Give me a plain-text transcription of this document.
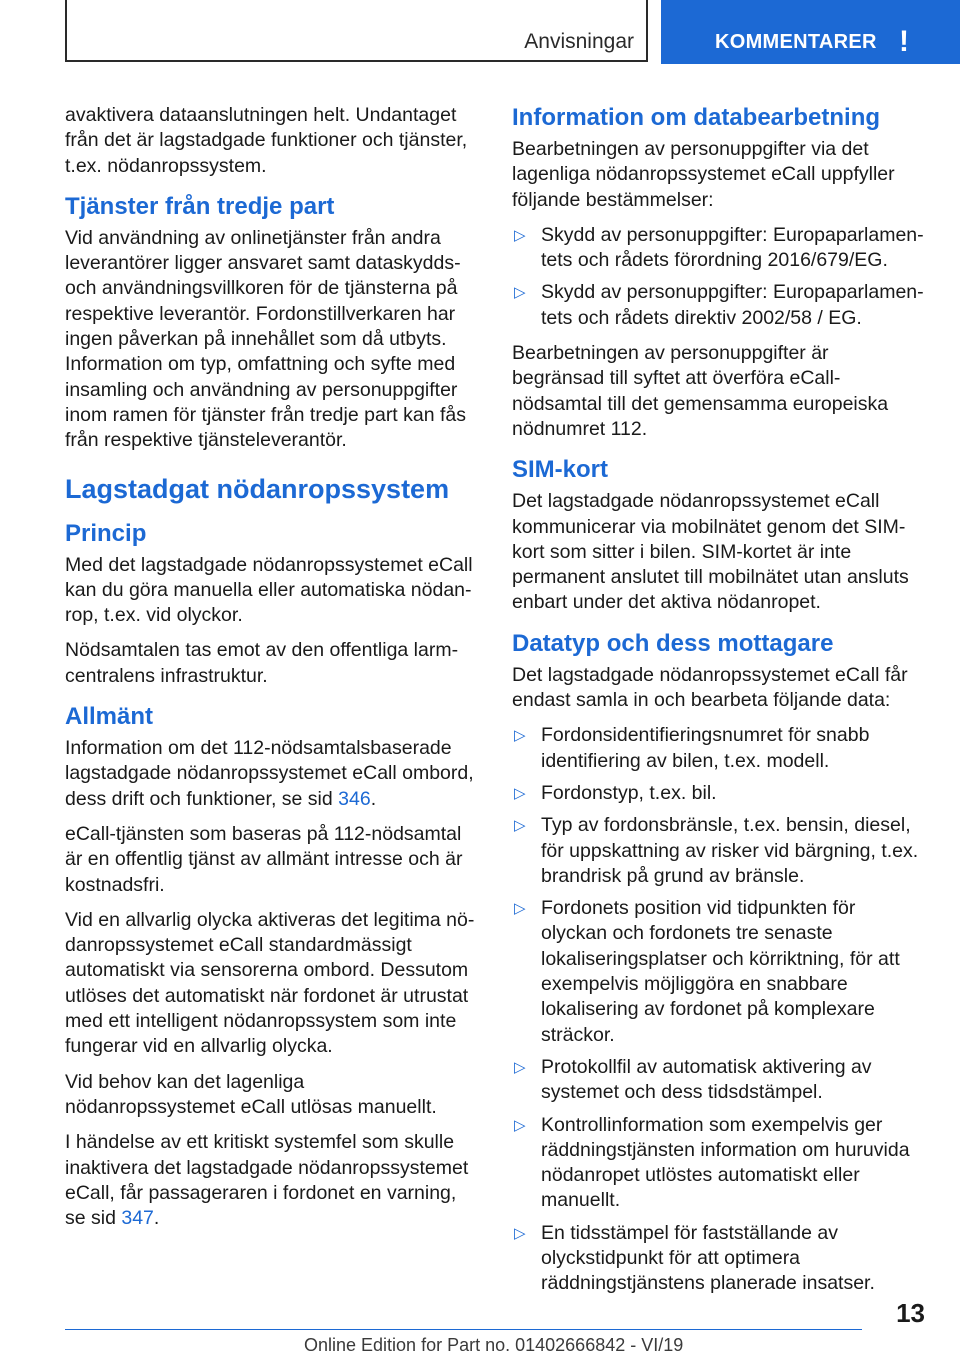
Anvisningar	KOMMENTARER !

avaktivera dataanslutningen helt. Undantaget från det är lagstadgade funktioner och tjänster, t.ex. nödanropssystem.

Tjänster från tredje part

Vid användning av onlinetjänster från andra leverantörer ligger ansvaret samt dataskydds- och användningsvillkoren för de tjänsterna på respektive leverantör. Fordonstillverkaren har ingen påverkan på innehållet som då utbyts. Information om typ, omfattning och syfte med insamling och användning av personuppgifter inom ramen för tjänster från tredje part kan fås från respektive tjänsteleverantör.

Lagstadgat nödanropssystem
Princip

Med det lagstadgade nödanropssystemet eCall kan du göra manuella eller automatiska nödanrop, t.ex. vid olyckor.

Nödsamtalen tas emot av den offentliga larmcentralens infrastruktur.

Allmänt

Information om det 112-nödsamtalsbaserade lagstadgade nödanropssystemet eCall ombord, dess drift och funktioner, se sid 346.

eCall-tjänsten som baseras på 112-nödsamtal är en offentlig tjänst av allmänt intresse och är kostnadsfri.

Vid en allvarlig olycka aktiveras det legitima nödanropssystemet eCall standardmässigt automatiskt via sensorerna ombord. Dessutom utlöses det automatiskt när fordonet är utrustat med ett intelligent nödanropssystem som inte fungerar vid en allvarlig olycka.

Vid behov kan det lagenliga nödanropssystemet eCall utlösas manuellt.

I händelse av ett kritiskt systemfel som skulle inaktivera det lagstadgade nödanropssystemet eCall, får passageraren i fordonet en varning, se sid 347.

Information om databearbetning

Bearbetningen av personuppgifter via det lagenliga nödanropssystemet eCall uppfyller följande bestämmelser:

▷ Skydd av personuppgifter: Europaparlamentets och rådets förordning 2016/679/EG.
▷ Skydd av personuppgifter: Europaparlamentets och rådets direktiv 2002/58 / EG.

Bearbetningen av personuppgifter är begränsad till syftet att överföra eCall-nödsamtal till det gemensamma europeiska nödnumret 112.

SIM-kort

Det lagstadgade nödanropssystemet eCall kommunicerar via mobilnätet genom det SIM-kort som sitter i bilen. SIM-kortet är inte permanent anslutet till mobilnätet utan ansluts enbart under det aktiva nödanropet.

Datatyp och dess mottagare

Det lagstadgade nödanropssystemet eCall får endast samla in och bearbeta följande data:

▷ Fordonsidentifieringsnumret för snabb identifiering av bilen, t.ex. modell.
▷ Fordonstyp, t.ex. bil.
▷ Typ av fordonsbränsle, t.ex. bensin, diesel, för uppskattning av risker vid bärgning, t.ex. brandrisk på grund av bränsle.
▷ Fordonets position vid tidpunkten för olyckan och fordonets tre senaste lokaliseringsplatser och körriktning, för att exempelvis möjliggöra en snabbare lokalisering av fordonet på komplexare sträckor.
▷ Protokollfil av automatisk aktivering av systemet och dess tidsdstämpel.
▷ Kontrollinformation som exempelvis ger räddningstjänsten information om huruvida nödanropet utlöstes automatiskt eller manuellt.
▷ En tidsstämpel för fastställande av olyckstidpunkt för att optimera räddningstjänstens planerade insatser.
13
Online Edition for Part no. 01402666842 - VI/19
